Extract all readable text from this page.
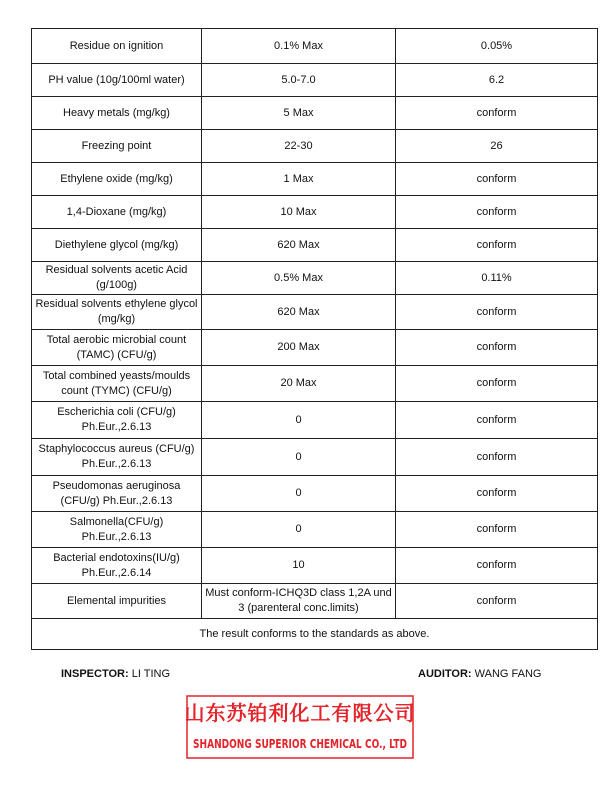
Residue on ignition	0.1% Max	0.05%
PH value (10g/100ml water)	5.0-7.0	6.2
Heavy metals (mg/kg)	5 Max	conform
Freezing point	22-30	26
Ethylene oxide (mg/kg)	1 Max	conform
1,4-Dioxane (mg/kg)	10 Max	conform
Diethylene glycol (mg/kg)	620 Max	conform
Residual solvents acetic Acid (g/100g)	0.5% Max	0.11%
Residual solvents ethylene glycol (mg/kg)	620 Max	conform
Total aerobic microbial count (TAMC) (CFU/g)	200 Max	conform
Total combined yeasts/moulds count (TYMC) (CFU/g)	20 Max	conform
Escherichia coli (CFU/g) Ph.Eur.,2.6.13	0	conform
Staphylococcus aureus (CFU/g) Ph.Eur.,2.6.13	0	conform
Pseudomonas aeruginosa (CFU/g) Ph.Eur.,2.6.13	0	conform
Salmonella(CFU/g) Ph.Eur.,2.6.13	0	conform
Bacterial endotoxins(IU/g) Ph.Eur.,2.6.14	10	conform
Elemental impurities	Must conform-ICHQ3D class 1,2A und 3 (parenteral conc.limits)	conform
The result conforms to the standards as above.		
INSPECTOR: LI TING	AUDITOR: WANG FANG
山东苏铂利化工有限公司
SHANDONG SUPERIOR CHEMICAL CO., LTD
